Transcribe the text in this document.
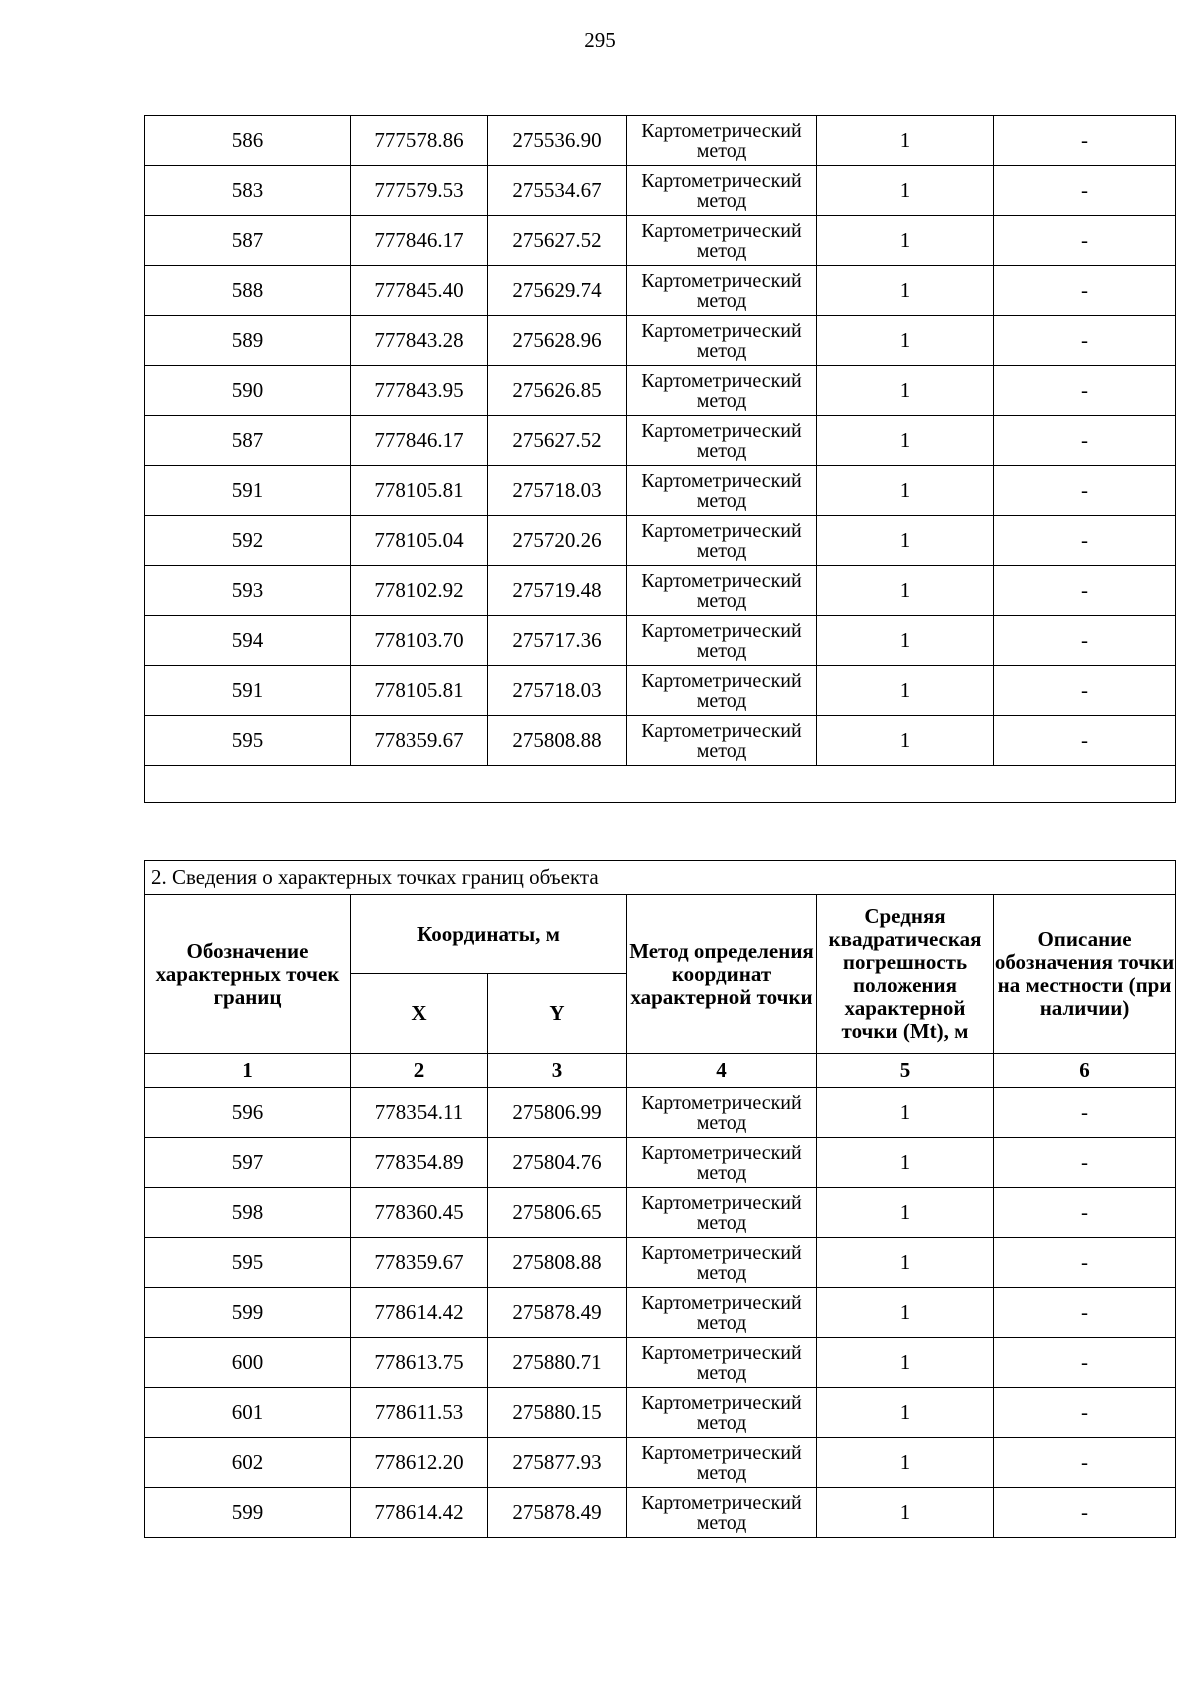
295
586	777578.86	275536.90	Картометрический метод	1	-
583	777579.53	275534.67	Картометрический метод	1	-
587	777846.17	275627.52	Картометрический метод	1	-
588	777845.40	275629.74	Картометрический метод	1	-
589	777843.28	275628.96	Картометрический метод	1	-
590	777843.95	275626.85	Картометрический метод	1	-
587	777846.17	275627.52	Картометрический метод	1	-
591	778105.81	275718.03	Картометрический метод	1	-
592	778105.04	275720.26	Картометрический метод	1	-
593	778102.92	275719.48	Картометрический метод	1	-
594	778103.70	275717.36	Картометрический метод	1	-
591	778105.81	275718.03	Картометрический метод	1	-
595	778359.67	275808.88	Картометрический метод	1	-

2. Сведения о характерных точках границ объекта					
Обозначение характерных точек границ	Координаты, м		Метод определения координат характерной точки	Средняя квадратическая погрешность положения характерной точки (Mt), м	Описание обозначения точки на местности (при наличии)
	X	Y			
1	2	3	4	5	6
596	778354.11	275806.99	Картометрический метод	1	-
597	778354.89	275804.76	Картометрический метод	1	-
598	778360.45	275806.65	Картометрический метод	1	-
595	778359.67	275808.88	Картометрический метод	1	-
599	778614.42	275878.49	Картометрический метод	1	-
600	778613.75	275880.71	Картометрический метод	1	-
601	778611.53	275880.15	Картометрический метод	1	-
602	778612.20	275877.93	Картометрический метод	1	-
599	778614.42	275878.49	Картометрический метод	1	-
